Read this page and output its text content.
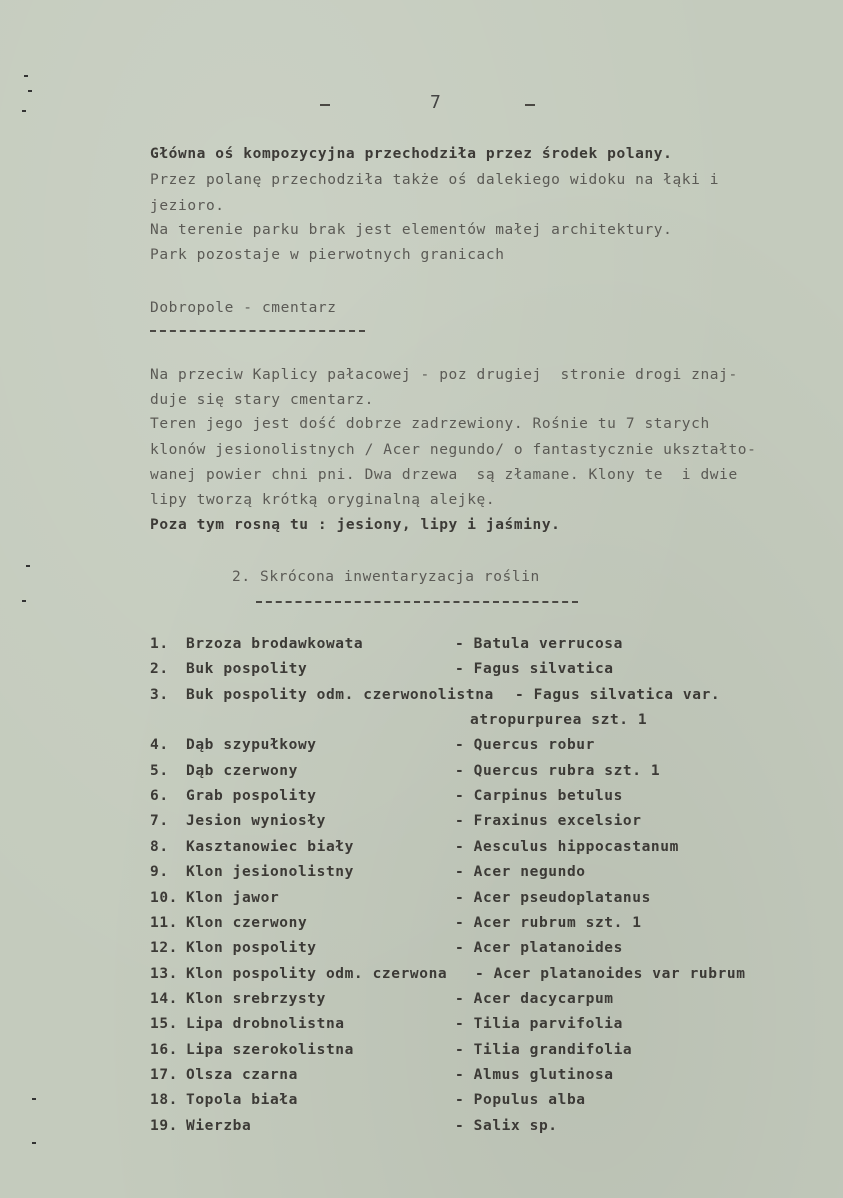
7
Główna oś kompozycyjna przechodziła przez środek polany.
Przez polanę przechodziła także oś dalekiego widoku na łąki i
jezioro.
Na terenie parku brak jest elementów małej architektury.
Park pozostaje w pierwotnych granicach
Dobropole - cmentarz
Na przeciw Kaplicy pałacowej - poz drugiej  stronie drogi znaj-
duje się stary cmentarz.
Teren jego jest dość dobrze zadrzewiony. Rośnie tu 7 starych
klonów jesionolistnych / Acer negundo/ o fantastycznie ukształto-
wanej powier chni pni. Dwa drzewa  są złamane. Klony te  i dwie
lipy tworzą krótką oryginalną alejkę.
Poza tym rosną tu : jesiony, lipy i jaśminy.
2. Skrócona inwentaryzacja roślin
1. Brzoza brodawkowata	- Batula verrucosa
2. Buk pospolity	- Fagus silvatica
3. Buk pospolity odm. czerwonolistna - Fagus silvatica var.
atropurpurea szt. 1
4. Dąb szypułkowy	- Quercus robur
5. Dąb czerwony	- Quercus rubra szt. 1
6. Grab pospolity	- Carpinus betulus
7. Jesion wyniosły	- Fraxinus excelsior
8. Kasztanowiec biały	- Aesculus hippocastanum
9. Klon jesionolistny	- Acer negundo
10. Klon jawor	- Acer pseudoplatanus
11. Klon czerwony	- Acer rubrum szt. 1
12. Klon pospolity	- Acer platanoides
13. Klon pospolity odm. czerwona - Acer platanoides var rubrum
14. Klon srebrzysty	- Acer dacycarpum
15. Lipa drobnolistna	- Tilia parvifolia
16. Lipa szerokolistna	- Tilia grandifolia
17. Olsza czarna	- Almus glutinosa
18. Topola biała	- Populus alba
19. Wierzba	- Salix sp.
